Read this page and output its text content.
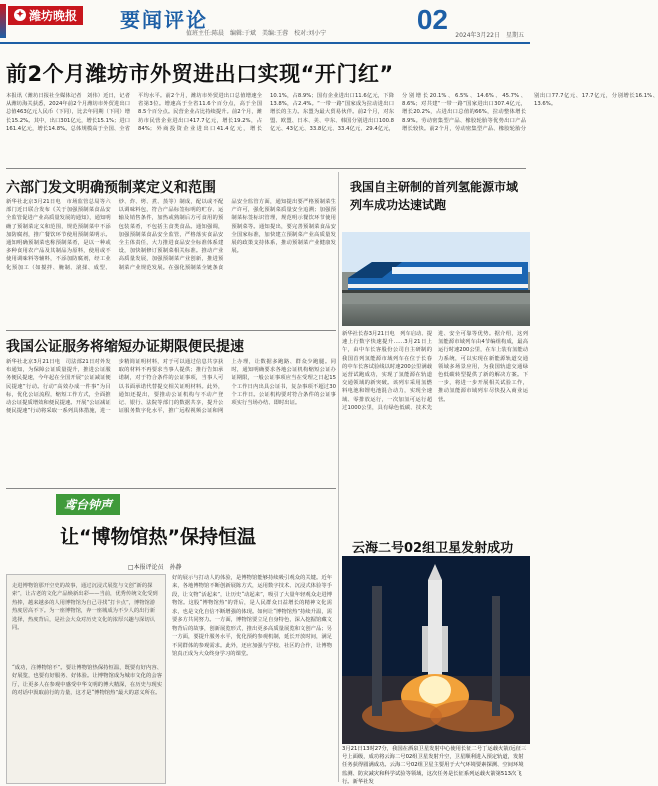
✦ 潍坊晚报 要闻评论	02
值班主任:陈晨　编辑:于斌　美编:王蓉　校对:刘小宁	2024年3月22日　星期五
前2个月潍坊市外贸进出口实现“开门红”
本报讯（潍坊日报社全媒体记者　刘伟）近日，记者从潍坊海关获悉，2024年前2个月潍坊市外贸进出口总值463亿元人民币（下同），比去年同期（下同）增长15.2%。其中，出口301亿元，增长15.1%；进口161.4亿元，增长14.8%。总体规模高于全国、全省平均水平。前2个月，潍坊市外贸进出口总值增速全省第3位。增速高于全省11.6个百分点，高于全国8.5个百分点。民营企业占比持续提升。前2个月，潍坊市民营企业进出口417.7亿元，增长19.2%，占84%；外商投资企业进出口41.4亿元，增长10.1%，占8.9%；国有企业进出口11.6亿元，下降13.8%，占2.4%。“一带一路”国家成为拉动进出口增长的主力。东盟为最大贸易伙伴。前2个月，对东盟、欧盟、日本、美、中东、韩国分别进出口100.8亿元、43亿元、33.8亿元、33.4亿元、29.4亿元，分别增长20.1%、6.5%、14.6%、45.7%、8.6%；对共建“一带一路”国家进出口307.4亿元，增长20.2%，占进出口总值的66%，拉动整体增长8.9%。劳动密集型产品、橡胶轮胎等优势出口产品增长较快。前2个月，劳动密集型产品、橡胶轮胎分别出口77.7亿元、17.7亿元，分别增长16.1%、13.6%。
六部门发文明确预制菜定义和范围
新华社北京3月21日电　市场监管总局等六部门近日联合发布《关于加强预制菜食品安全监管促进产业高质量发展的通知》，通知明确了预制菜定义和范围，规范预制菜中不添加防腐剂，推广餐饮环节使用预制菜明示。通知明确预制菜也称预制菜肴，是以一种或多种食用农产品及其制品为原料，使用或不使用调味料等辅料，不添加防腐剂，经工业化预加工（如搅拌、腌制、滚揉、成型、炒、炸、烤、煮、蒸等）制成，配以或不配以调味料包，符合产品标签标明的贮存、运输及销售条件，加热或熟制后方可食用的预包装菜肴，不包括主食类食品。通知强调，加强预制菜食品安全监管，严格落实食品安全主体责任，大力推进食品安全标准体系建设，加快制修订预制菜相关标准。推动产业高质量发展，加强预制菜产业创新，推进预制菜产业规范发展。在强化预制菜全链条食品安全监管方面，通知提出要严格预制菜生产许可，强化预制菜质量安全追溯；加强预制菜标签标识管理，规范明示餐饮环节使用预制菜等。通知提出，要完善预制菜食品安全国家标准，加快建立预制菜产业高质量发展的政策支持体系，推动预制菜产业健康发展。
我国公证服务将缩短办证期限便民提速
新华社北京3月21日电　司法部21日对外发布通知，为保障公证质量提升，推进公证服务便民提速，今年起在全国开展“公证减证便民提速”行动。行动“高效办成一件事”为目标，优化公证流程，缩短工作方式，全面推动公证提质增效和便民提速。开展“公证减证便民提速”行动将采取一系列具体措施，进一步精简证明材料，对于可以通过信息共享获取的材料不再要求当事人提供；推行告知承诺制，对于符合条件的公证事项，当事人可以书面承诺代替提交相关证明材料。此外，通知还提出，要推动公证机构与不动产登记、银行、法院等部门的数据共享，提升公证服务数字化水平，推广远程视频公证和网上办理，让数据多跑路、群众少跑腿。同时，通知明确要求各地公证机构缩短公证办证期限，一般公证事项应当在受理之日起15个工作日内出具公证书，复杂事项不超过30个工作日。公证机构要对符合条件的公证事项实行当场办结、即时出证。
鸢台钟声
让“博物馆热”保持恒温
□本报评论员　孙静
走进博物馆那开空史的故事，通过沉浸式展览与文创“新的探索”，让古老的文化产品焕新出彩——当前，优秀传统文化受到热捧，越来越多的人用博物馆为自己寻找“打卡点”，博物馆游热度居高不下。为一座博物馆，奔一座城成为不少人的出行新选择，热度背后，是社会大众对历史文化的浓厚兴趣与深切认同。
“成功，注博物馆不”。要让博物馆热保持恒温，既要有好内容、好展览，也要有好服务、好体验。让博物馆成为城市文化的会客厅，让更多人在参观中感受中华文明的博大精深，在历史与现实的对话中汲取前行的力量，这才是“博物馆热”最大的意义所在。
好的展示与打动人的体验，是博物馆能够持续吸引观众的关键。近年来，各地博物馆不断创新展陈方式，运用数字技术、沉浸式体验等手段，让文物“活起来”，让历史“动起来”，吸引了大量年轻观众走进博物馆。这股“博物馆热”的背后，是人民群众日益增长的精神文化需求，也是文化自信不断增强的体现。如何让“博物馆热”持续升温，需要多方共同努力。一方面，博物馆要立足自身特色，深入挖掘馆藏文物背后的故事，创新展览形式，推出更多高质量展览和文创产品；另一方面，要提升服务水平，优化预约参观机制，延长开放时间，满足不同群体的参观需求。此外，还应加强与学校、社区的合作，让博物馆真正成为大众终身学习的课堂。
我国自主研制的首列氢能源市域列车成功达速试跑
新华社长春3月21日电　列车启动、提速上行数字快速提升……3月21日上午，由中车长客股份公司自主研制的我国首列氢能源市域列车在位于长春的中车长客试验线以时速200公里满载运营试跑成功，实现了氢能源在轨道交通领域的新突破。该列车采用氢燃料电池和锂电池混合动力，实现全速域、零排放运行，一次加氢可运行超过1000公里，具有绿色低碳、技术先进、安全可靠等优势。据介绍，这列氢能源市域列车由4节编组构成，最高运行时速200公里，在车上装有氢能动力系统，可以实现在新能源轨道交通领域多场景应用，为我国轨道交通绿色低碳转型提供了新的解决方案。下一步，将进一步开展相关试验工作，推动氢能源市域列车尽快投入商业运营。
云海二号02组卫星发射成功
3月21日13时27分，我国在酒泉卫星发射中心使用长征二号丁运载火箭/远征三号上面级，成功将云海二号02组卫星发射升空，卫星顺利进入预定轨道，发射任务获得圆满成功。云海二号02组卫星主要用于大气环境要素探测、空间环境监测、防灾减灾和科学试验等领域，这次任务是长征系列运载火箭第513次飞行。新华社发
